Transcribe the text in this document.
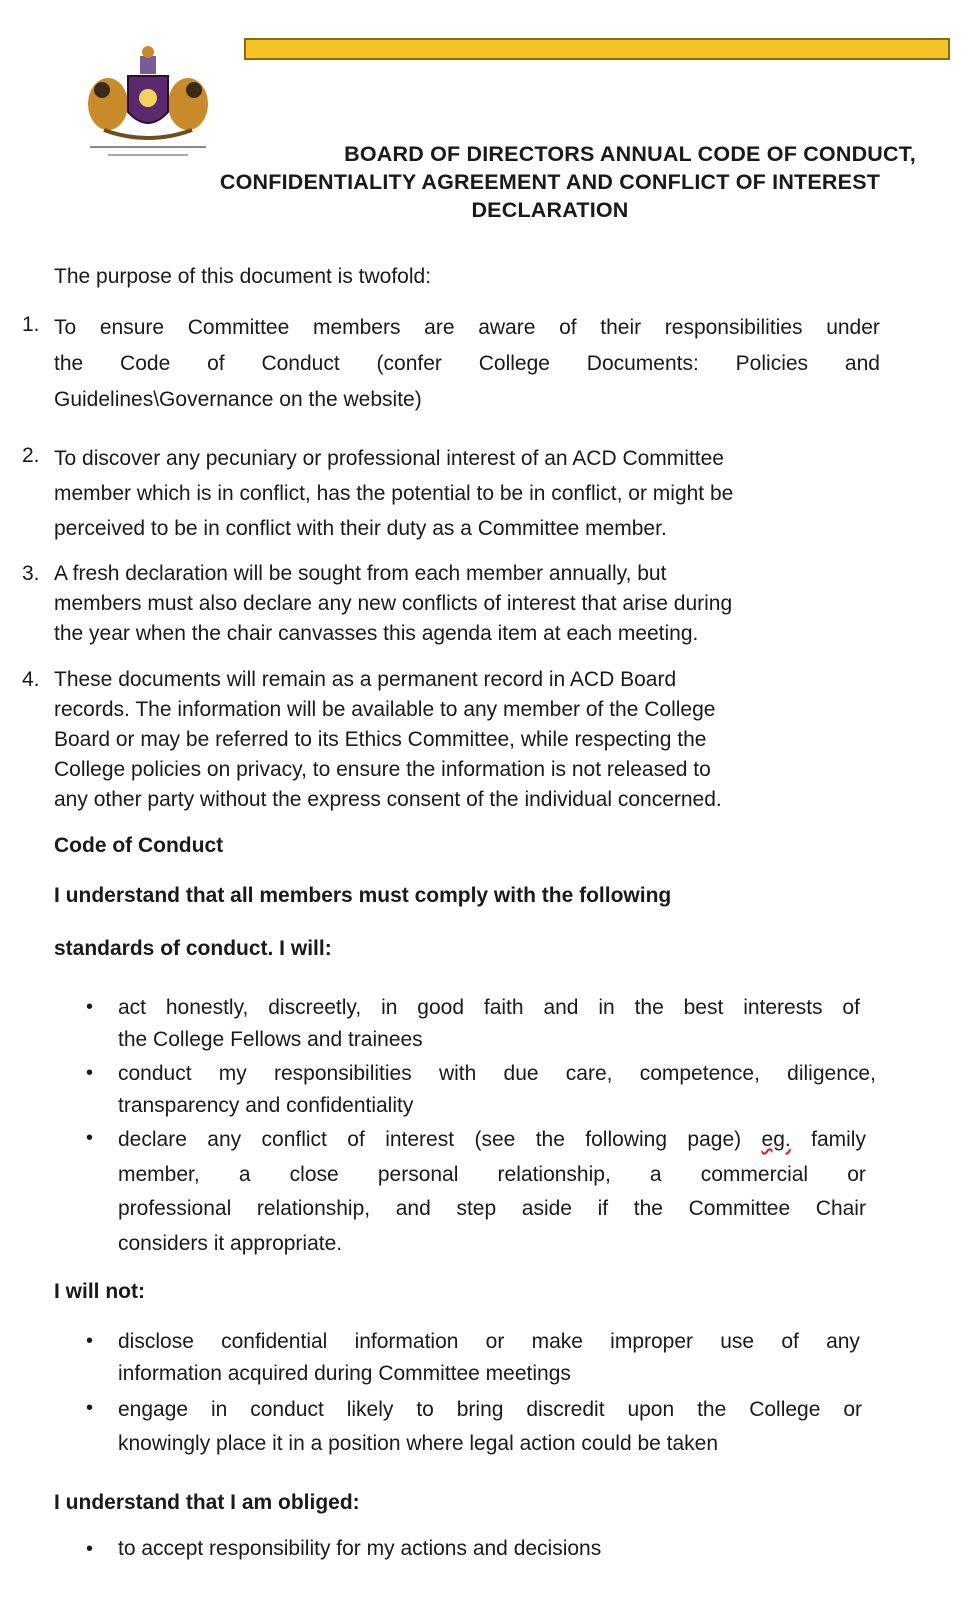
BOARD OF DIRECTORS ANNUAL CODE OF CONDUCT,
CONFIDENTIALITY AGREEMENT AND CONFLICT OF INTEREST
DECLARATION
The purpose of this document is twofold:
1. To ensure Committee members are aware of their responsibilities under
the Code of Conduct (confer College Documents: Policies and
Guidelines\Governance on the website)
2. To discover any pecuniary or professional interest of an ACD Committee
member which is in conflict, has the potential to be in conflict, or might be
perceived to be in conflict with their duty as a Committee member.
3. A fresh declaration will be sought from each member annually, but
members must also declare any new conflicts of interest that arise during
the year when the chair canvasses this agenda item at each meeting.
4. These documents will remain as a permanent record in ACD Board
records. The information will be available to any member of the College
Board or may be referred to its Ethics Committee, while respecting the
College policies on privacy, to ensure the information is not released to
any other party without the express consent of the individual concerned.
Code of Conduct
I understand that all members must comply with the following
standards of conduct. I will:
• act honestly, discreetly, in good faith and in the best interests of
the College Fellows and trainees
• conduct my responsibilities with due care, competence, diligence,
transparency and confidentiality
• declare any conflict of interest (see the following page) eg. family
member, a close personal relationship, a commercial or
professional relationship, and step aside if the Committee Chair
considers it appropriate.
I will not:
• disclose confidential information or make improper use of any
information acquired during Committee meetings
• engage in conduct likely to bring discredit upon the College or
knowingly place it in a position where legal action could be taken
I understand that I am obliged:
• to accept responsibility for my actions and decisions
